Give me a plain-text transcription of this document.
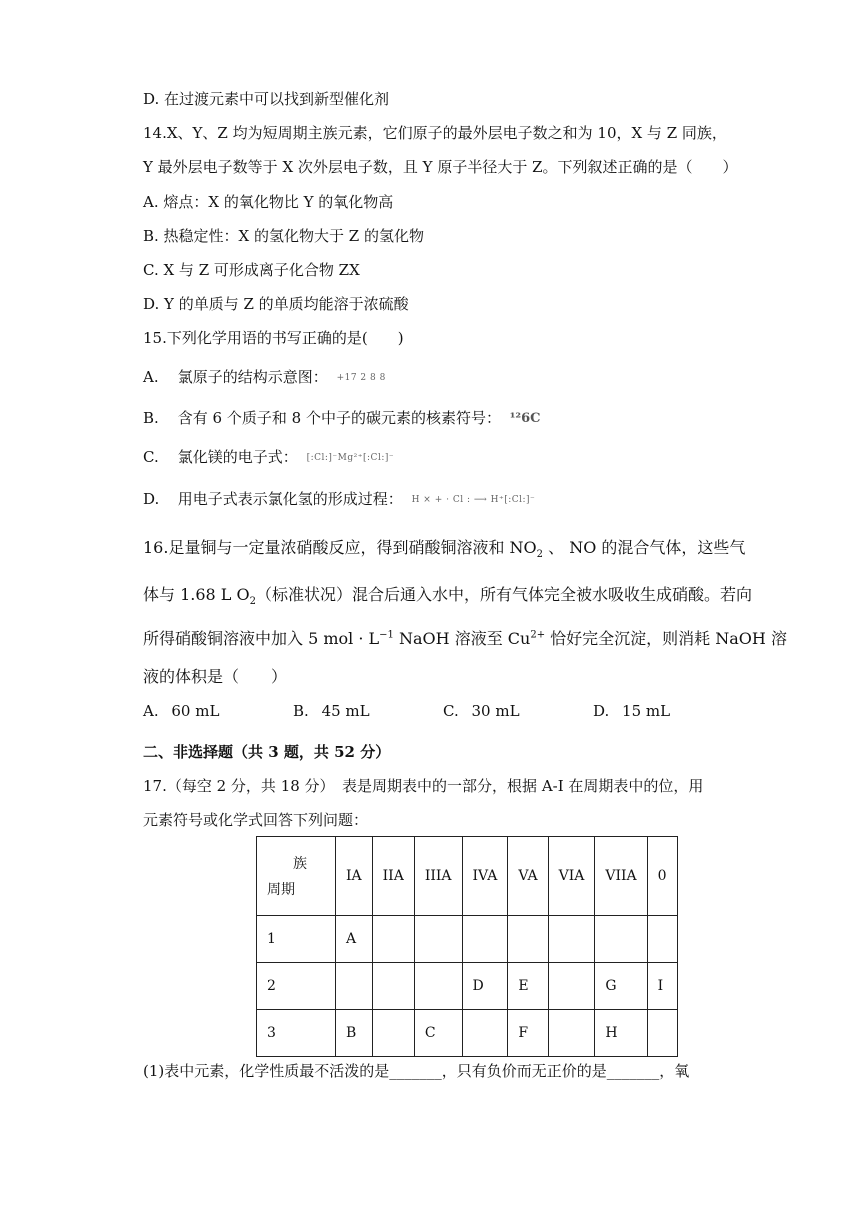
D. 在过渡元素中可以找到新型催化剂
14.X、Y、Z 均为短周期主族元素，它们原子的最外层电子数之和为 10，X 与 Z 同族，
Y 最外层电子数等于 X 次外层电子数，且 Y 原子半径大于 Z。下列叙述正确的是（　　）
A. 熔点：X 的氧化物比 Y 的氧化物高
B. 热稳定性：X 的氢化物大于 Z 的氢化物
C. X 与 Z 可形成离子化合物 ZX
D. Y 的单质与 Z 的单质均能溶于浓硫酸
15.下列化学用语的书写正确的是(　　)
A. 氯原子的结构示意图： +17 2 8 8
B. 含有 6 个质子和 8 个中子的碳元素的核素符号： ¹²6C
C. 氯化镁的电子式： [:Cl:]⁻Mg²⁺[:Cl:]⁻
D. 用电子式表示氯化氢的形成过程： H × + · Cl : ⟶ H⁺[:Cl:]⁻
16.足量铜与一定量浓硝酸反应，得到硝酸铜溶液和 $NO_2$ 、 NO 的混合气体，这些气
体与 1.68 L $O_2$（标准状况）混合后通入水中，所有气体完全被水吸收生成硝酸。若向
所得硝酸铜溶液中加入 5 mol · $L^{-1}$ NaOH 溶液至 $Cu^{2+}$ 恰好完全沉淀，则消耗 NaOH 溶
液的体积是（　　）
A. 60 mL	B. 45 mL	C. 30 mL	D. 15 mL
二、非选择题（共 3 题，共 52 分）
17.（每空 2 分，共 18 分）　表是周期表中的一部分，根据 A-I 在周期表中的位，用
元素符号或化学式回答下列问题：
族
周期	IA	IIA	IIIA	IVA	VA	VIA	VIIA	0
1	A							
2				D	E		G	I
3	B		C		F		H	
(1)表中元素，化学性质最不活泼的是_______，只有负价而无正价的是_______，氧
